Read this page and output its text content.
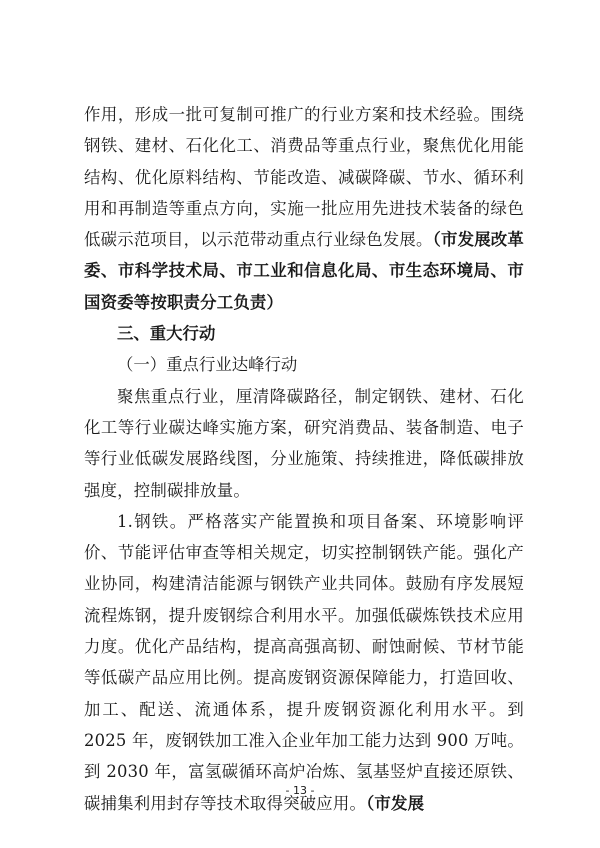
作用，形成一批可复制可推广的行业方案和技术经验。围绕钢铁、建材、石化化工、消费品等重点行业，聚焦优化用能结构、优化原料结构、节能改造、减碳降碳、节水、循环利用和再制造等重点方向，实施一批应用先进技术装备的绿色低碳示范项目，以示范带动重点行业绿色发展。（市发展改革委、市科学技术局、市工业和信息化局、市生态环境局、市国资委等按职责分工负责）

三、重大行动

（一）重点行业达峰行动

聚焦重点行业，厘清降碳路径，制定钢铁、建材、石化化工等行业碳达峰实施方案，研究消费品、装备制造、电子等行业低碳发展路线图，分业施策、持续推进，降低碳排放强度，控制碳排放量。

1.钢铁。严格落实产能置换和项目备案、环境影响评价、节能评估审查等相关规定，切实控制钢铁产能。强化产业协同，构建清洁能源与钢铁产业共同体。鼓励有序发展短流程炼钢，提升废钢综合利用水平。加强低碳炼铁技术应用力度。优化产品结构，提高高强高韧、耐蚀耐候、节材节能等低碳产品应用比例。提高废钢资源保障能力，打造回收、加工、配送、流通体系，提升废钢资源化利用水平。到 2025 年，废钢铁加工准入企业年加工能力达到 900 万吨。到 2030 年，富氢碳循环高炉冶炼、氢基竖炉直接还原铁、碳捕集利用封存等技术取得突破应用。（市发展

- 13 -
